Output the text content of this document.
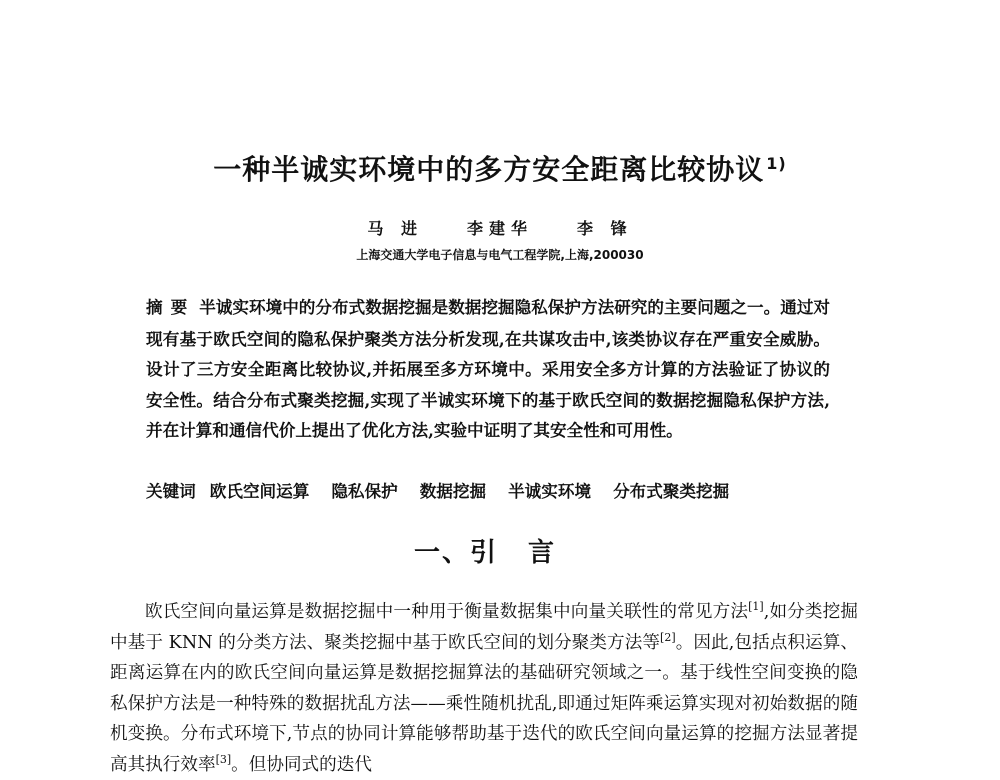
一种半诚实环境中的多方安全距离比较协议 $^{1)}$
马 进	李建华	李 锋
上海交通大学电子信息与电气工程学院,上海,200030
摘要 半诚实环境中的分布式数据挖掘是数据挖掘隐私保护方法研究的主要问题之一。通过对现有基于欧氏空间的隐私保护聚类方法分析发现,在共谋攻击中,该类协议存在严重安全威胁。设计了三方安全距离比较协议,并拓展至多方环境中。采用安全多方计算的方法验证了协议的安全性。结合分布式聚类挖掘,实现了半诚实环境下的基于欧氏空间的数据挖掘隐私保护方法,并在计算和通信代价上提出了优化方法,实验中证明了其安全性和可用性。
关键词 欧氏空间运算 隐私保护 数据挖掘 半诚实环境 分布式聚类挖掘
一、引言
欧氏空间向量运算是数据挖掘中一种用于衡量数据集中向量关联性的常见方法[1],如分类挖掘中基于 KNN 的分类方法、聚类挖掘中基于欧氏空间的划分聚类方法等[2]。因此,包括点积运算、距离运算在内的欧氏空间向量运算是数据挖掘算法的基础研究领域之一。基于线性空间变换的隐私保护方法是一种特殊的数据扰乱方法——乘性随机扰乱,即通过矩阵乘运算实现对初始数据的随机变换。分布式环境下,节点的协同计算能够帮助基于迭代的欧氏空间向量运算的挖掘方法显著提高其执行效率[3]。但协同式的迭代
